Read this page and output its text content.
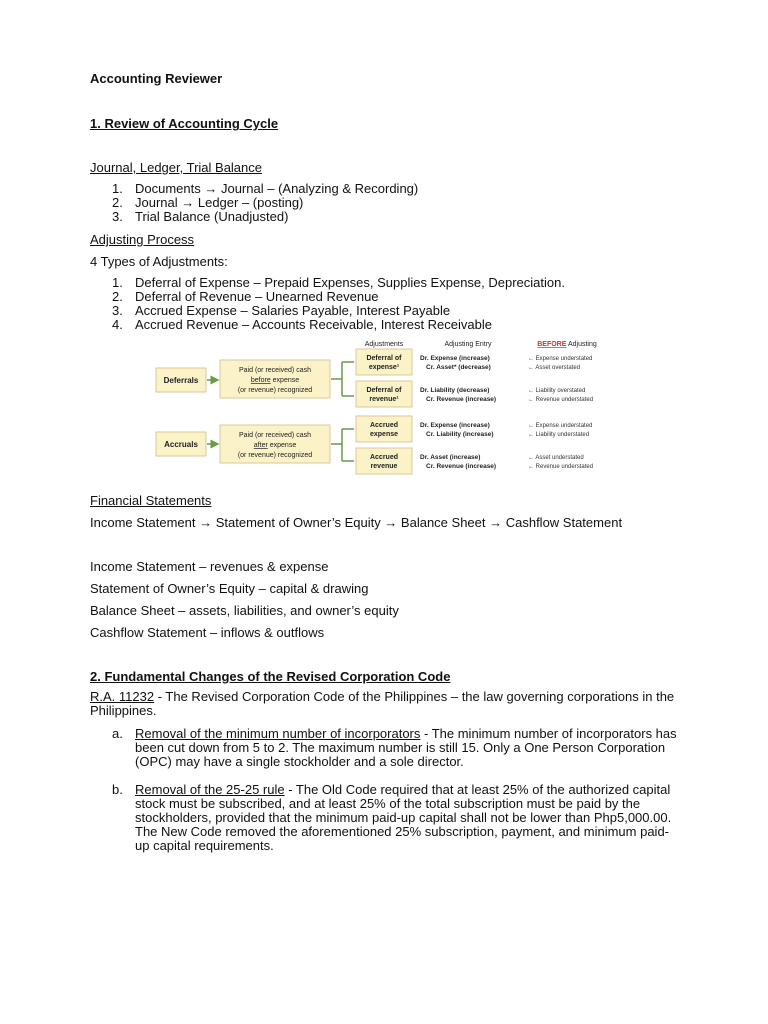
Accounting Reviewer
1. Review of Accounting Cycle
Journal, Ledger, Trial Balance
1. Documents → Journal – (Analyzing & Recording)
2. Journal → Ledger – (posting)
3. Trial Balance (Unadjusted)
Adjusting Process
4 Types of Adjustments:
1. Deferral of Expense – Prepaid Expenses, Supplies Expense, Depreciation.
2. Deferral of Revenue – Unearned Revenue
3. Accrued Expense – Salaries Payable, Interest Payable
4. Accrued Revenue – Accounts Receivable, Interest Receivable
Adjustments	Adjusting Entry	BEFORE Adjusting
Deferrals
Paid (or received) cash
before expense
(or revenue) recognized
Deferral of
expense¹
Deferral of
revenue¹
Accruals
Paid (or received) cash
after expense
(or revenue) recognized
Accrued
expense
Accrued
revenue
Dr. Expense (increase)
Cr. Asset* (decrease)
Dr. Liability (decrease)
Cr. Revenue (increase)
Dr. Expense (increase)
Cr. Liability (increase)
Dr. Asset (increase)
Cr. Revenue (increase)
← Expense understated
← Asset overstated
← Liability overstated
← Revenue understated
← Expense understated
← Liability understated
← Asset understated
← Revenue understated
Financial Statements
Income Statement → Statement of Owner’s Equity → Balance Sheet → Cashflow Statement
Income Statement – revenues & expense
Statement of Owner’s Equity – capital & drawing
Balance Sheet – assets, liabilities, and owner’s equity
Cashflow Statement – inflows & outflows
2. Fundamental Changes of the Revised Corporation Code
R.A. 11232 - The Revised Corporation Code of the Philippines – the law governing corporations in the Philippines.
a. Removal of the minimum number of incorporators - The minimum number of incorporators has been cut down from 5 to 2. The maximum number is still 15. Only a One Person Corporation (OPC) may have a single stockholder and a sole director.
b. Removal of the 25-25 rule - The Old Code required that at least 25% of the authorized capital stock must be subscribed, and at least 25% of the total subscription must be paid by the stockholders, provided that the minimum paid-up capital shall not be lower than Php5,000.00. The New Code removed the aforementioned 25% subscription, payment, and minimum paid-up capital requirements.
